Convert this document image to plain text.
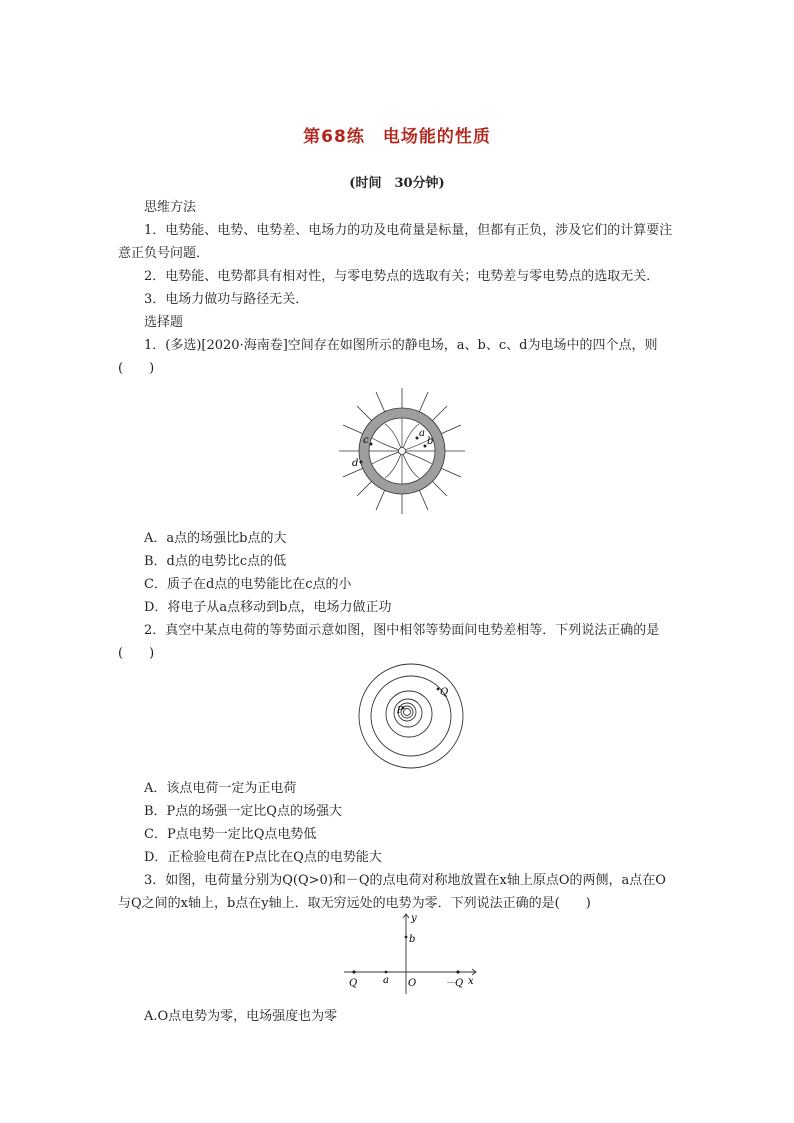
第68练　电场能的性质
(时间　30分钟)

思维方法

1．电势能、电势、电势差、电场力的功及电荷量是标量，但都有正负，涉及它们的计算要注意正负号问题．

2．电势能、电势都具有相对性，与零电势点的选取有关；电势差与零电势点的选取无关．

3．电场力做功与路径无关．

选择题

1．(多选)[2020·海南卷]空间存在如图所示的静电场，a、b、c、d为电场中的四个点，则(　　)

a
b
c
d

A．a点的场强比b点的大

B．d点的电势比c点的低

C．质子在d点的电势能比在c点的小

D．将电子从a点移动到b点，电场力做正功

2．真空中某点电荷的等势面示意如图，图中相邻等势面间电势差相等．下列说法正确的是(　　)

P
Q

A．该点电荷一定为正电荷

B．P点的场强一定比Q点的场强大

C．P点电势一定比Q点电势低

D．正检验电荷在P点比在Q点的电势能大

3．如图，电荷量分别为Q(Q>0)和－Q的点电荷对称地放置在x轴上原点O的两侧，a点在O与Q之间的x轴上，b点在y轴上．取无穷远处的电势为零．下列说法正确的是(　　)

y
b
Q	a O	－Q x

A.O点电势为零，电场强度也为零
